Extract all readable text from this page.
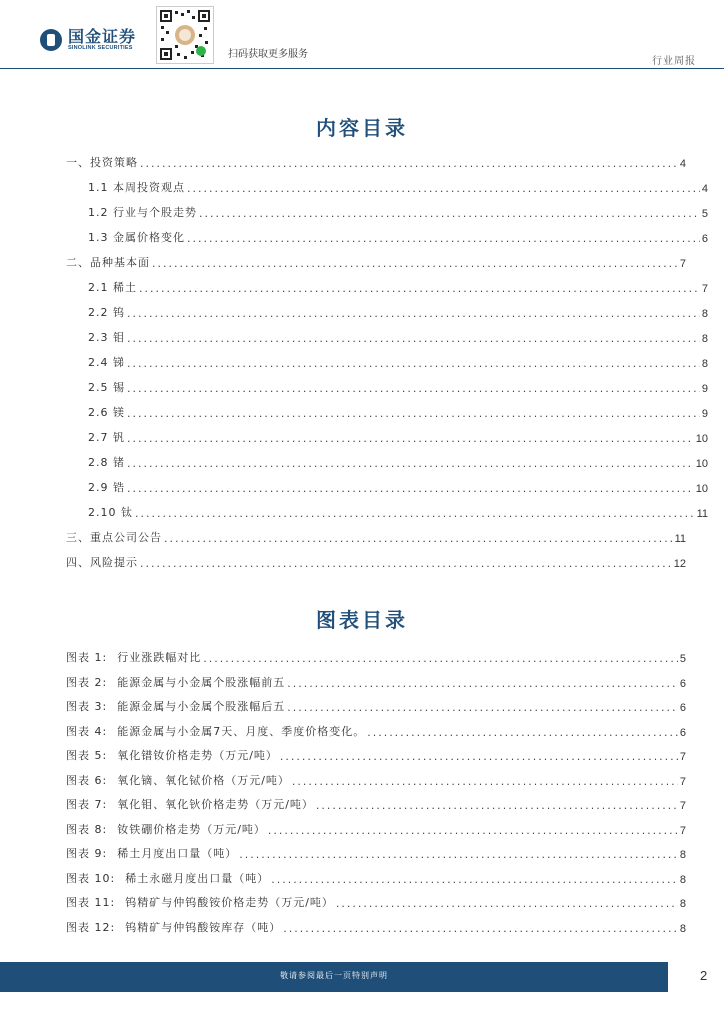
国金证券
SINOLINK SECURITIES
扫码获取更多服务
行业周报
内容目录
一、投资策略 .....	4
1.1 本周投资观点 .....	4
1.2 行业与个股走势 .....	5
1.3 金属价格变化 .....	6
二、品种基本面 .....	7
2.1 稀土 .....	7
2.2 钨 .....	8
2.3 钼 .....	8
2.4 锑 .....	8
2.5 锡 .....	9
2.6 镁 .....	9
2.7 钒 .....	10
2.8 锗 .....	10
2.9 锆 .....	10
2.10 钛 .....	11
三、重点公司公告 .....	11
四、风险提示 .....	12
图表目录
图表 1: 行业涨跌幅对比 .....	5
图表 2: 能源金属与小金属个股涨幅前五 .....	6
图表 3: 能源金属与小金属个股涨幅后五 .....	6
图表 4: 能源金属与小金属7天、月度、季度价格变化。 .....	6
图表 5: 氧化镨钕价格走势（万元/吨） .....	7
图表 6: 氧化镝、氧化铽价格（万元/吨） .....	7
图表 7: 氧化钼、氧化钬价格走势（万元/吨） .....	7
图表 8: 钕铁硼价格走势（万元/吨） .....	7
图表 9: 稀土月度出口量（吨） .....	8
图表 10: 稀土永磁月度出口量（吨） .....	8
图表 11: 钨精矿与仲钨酸铵价格走势（万元/吨） .....	8
图表 12: 钨精矿与仲钨酸铵库存（吨） .....	8
敬请参阅最后一页特别声明	2
